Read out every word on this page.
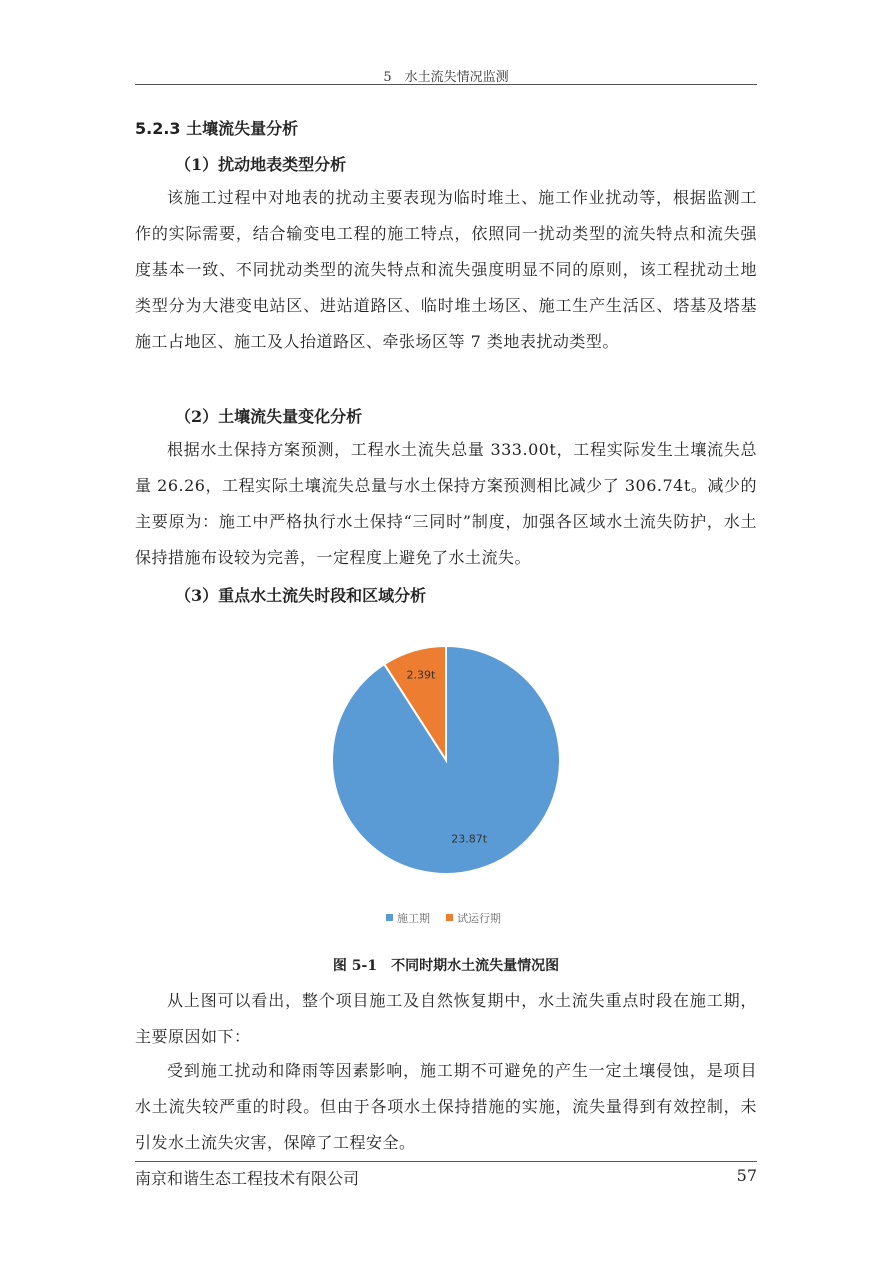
5　水土流失情况监测
5.2.3 土壤流失量分析
（1）扰动地表类型分析
该施工过程中对地表的扰动主要表现为临时堆土、施工作业扰动等，根据监测工作的实际需要，结合输变电工程的施工特点，依照同一扰动类型的流失特点和流失强度基本一致、不同扰动类型的流失特点和流失强度明显不同的原则，该工程扰动土地类型分为大港变电站区、进站道路区、临时堆土场区、施工生产生活区、塔基及塔基施工占地区、施工及人抬道路区、牵张场区等 7 类地表扰动类型。
（2）土壤流失量变化分析
根据水土保持方案预测，工程水土流失总量 333.00t，工程实际发生土壤流失总量 26.26，工程实际土壤流失总量与水土保持方案预测相比减少了 306.74t。减少的主要原为：施工中严格执行水土保持“三同时”制度，加强各区域水土流失防护，水土保持措施布设较为完善，一定程度上避免了水土流失。
（3）重点水土流失时段和区域分析
23.87t
2.39t
施工期 试运行期
图 5-1　不同时期水土流失量情况图
从上图可以看出，整个项目施工及自然恢复期中，水土流失重点时段在施工期，主要原因如下：
受到施工扰动和降雨等因素影响，施工期不可避免的产生一定土壤侵蚀，是项目水土流失较严重的时段。但由于各项水土保持措施的实施，流失量得到有效控制，未引发水土流失灾害，保障了工程安全。
南京和谐生态工程技术有限公司	57
